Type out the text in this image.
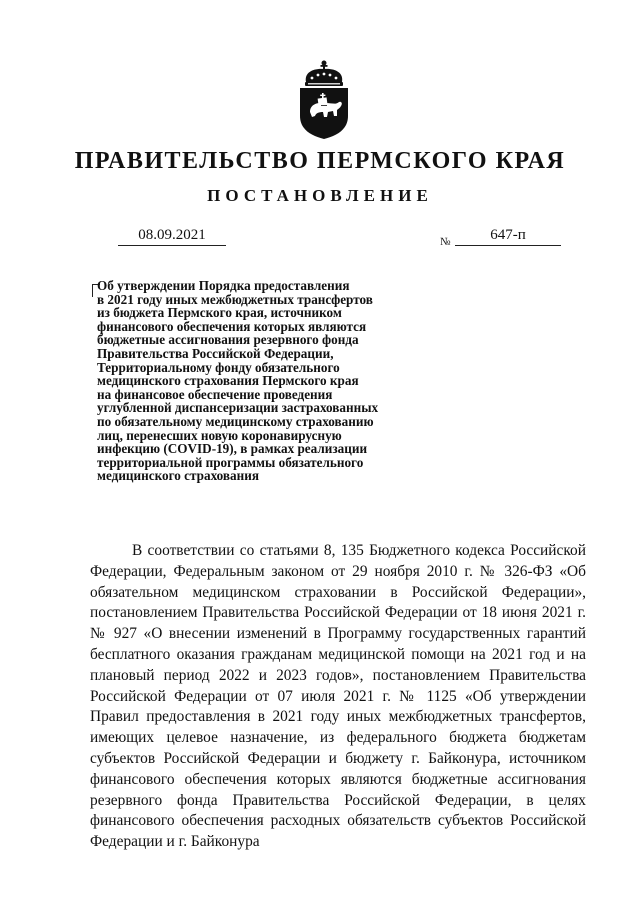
ПРАВИТЕЛЬСТВО ПЕРМСКОГО КРАЯ
ПОСТАНОВЛЕНИЕ
08.09.2021	№	647-п

Об утверждении Порядка предоставления
в 2021 году иных межбюджетных трансфертов
из бюджета Пермского края, источником
финансового обеспечения которых являются
бюджетные ассигнования резервного фонда
Правительства Российской Федерации,
Территориальному фонду обязательного
медицинского страхования Пермского края
на финансовое обеспечение проведения
углубленной диспансеризации застрахованных
по обязательному медицинскому страхованию
лиц, перенесших новую коронавирусную
инфекцию (COVID-19), в рамках реализации
территориальной программы обязательного
медицинского страхования

В соответствии со статьями 8, 135 Бюджетного кодекса Российской Федерации, Федеральным законом от 29 ноября 2010 г. № 326-ФЗ «Об обязательном медицинском страховании в Российской Федерации», постановлением Правительства Российской Федерации от 18 июня 2021 г. № 927 «О внесении изменений в Программу государственных гарантий бесплатного оказания гражданам медицинской помощи на 2021 год и на плановый период 2022 и 2023 годов», постановлением Правительства Российской Федерации от 07 июля 2021 г. № 1125 «Об утверждении Правил предоставления в 2021 году иных межбюджетных трансфертов, имеющих целевое назначение, из федерального бюджета бюджетам субъектов Российской Федерации и бюджету г. Байконура, источником финансового обеспечения которых являются бюджетные ассигнования резервного фонда Правительства Российской Федерации, в целях финансового обеспечения расходных обязательств субъектов Российской Федерации и г. Байконура
